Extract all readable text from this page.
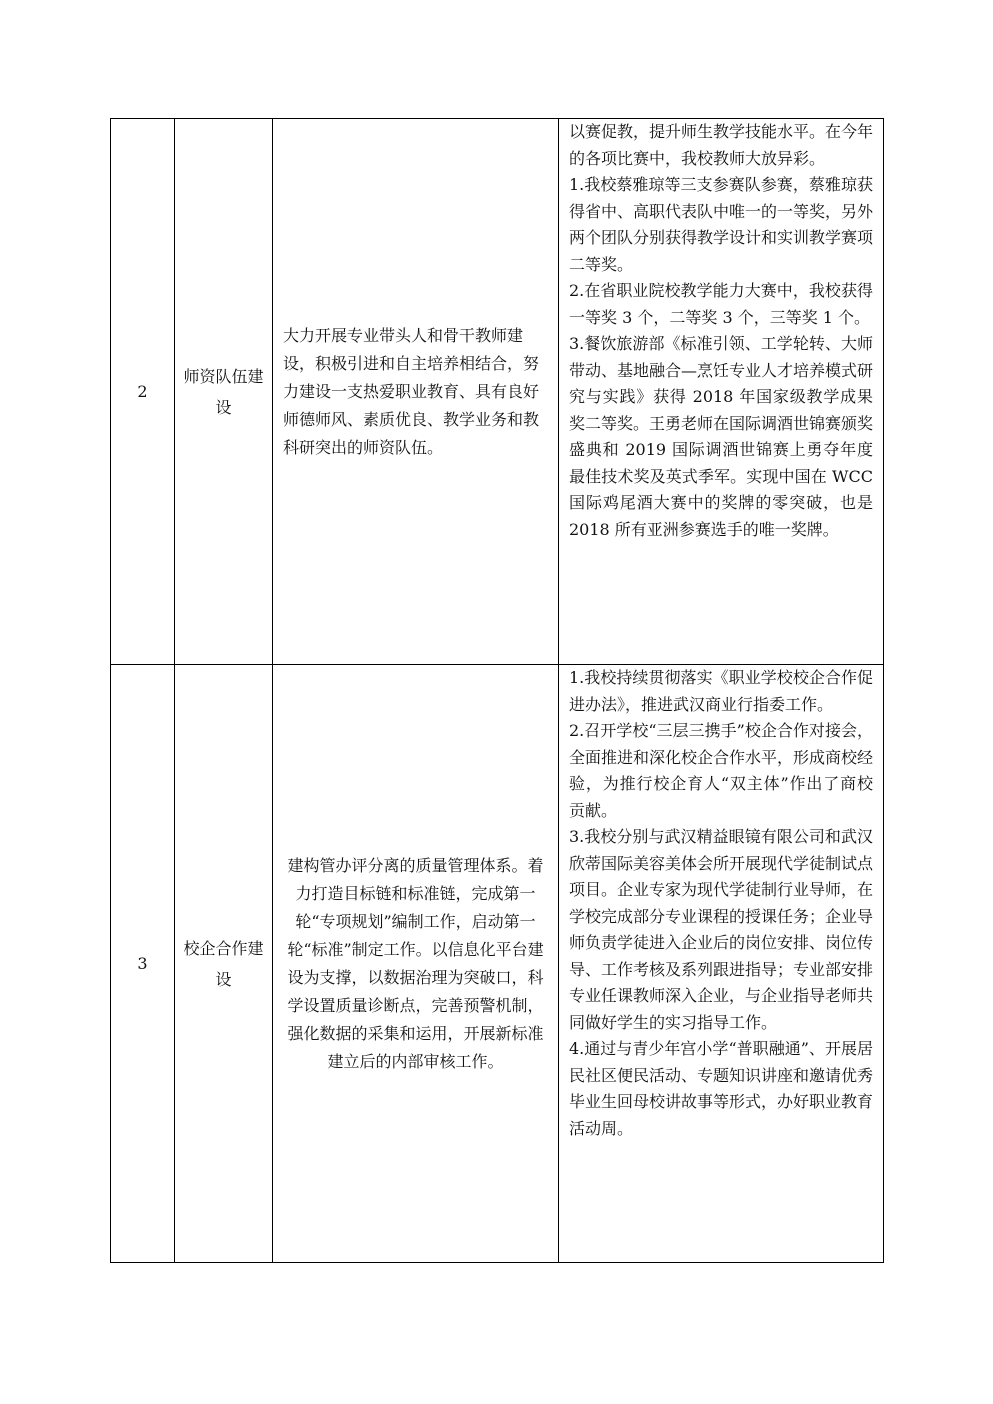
2	师资队伍建设	大力开展专业带头人和骨干教师建设，积极引进和自主培养相结合，努力建设一支热爱职业教育、具有良好师德师风、素质优良、教学业务和教科研突出的师资队伍。	以赛促教，提升师生教学技能水平。在今年的各项比赛中，我校教师大放异彩。

1.我校蔡雅琼等三支参赛队参赛，蔡雅琼获得省中、高职代表队中唯一的一等奖，另外两个团队分别获得教学设计和实训教学赛项二等奖。

2.在省职业院校教学能力大赛中，我校获得一等奖 3 个，二等奖 3 个，三等奖 1 个。

3.餐饮旅游部《标准引领、工学轮转、大师带动、基地融合—烹饪专业人才培养模式研究与实践》获得 2018 年国家级教学成果奖二等奖。王勇老师在国际调酒世锦赛颁奖盛典和 2019 国际调酒世锦赛上勇夺年度最佳技术奖及英式季军。实现中国在 WCC 国际鸡尾酒大赛中的奖牌的零突破，也是 2018 所有亚洲参赛选手的唯一奖牌。

3	校企合作建设	建构管办评分离的质量管理体系。着力打造目标链和标准链，完成第一轮“专项规划”编制工作，启动第一轮“标准”制定工作。以信息化平台建设为支撑，以数据治理为突破口，科学设置质量诊断点，完善预警机制，强化数据的采集和运用，开展新标准建立后的内部审核工作。	1.我校持续贯彻落实《职业学校校企合作促进办法》，推进武汉商业行指委工作。

2.召开学校“三层三携手”校企合作对接会，全面推进和深化校企合作水平，形成商校经验，为推行校企育人“双主体”作出了商校贡献。

3.我校分别与武汉精益眼镜有限公司和武汉欣蒂国际美容美体会所开展现代学徒制试点项目。企业专家为现代学徒制行业导师，在学校完成部分专业课程的授课任务；企业导师负责学徒进入企业后的岗位安排、岗位传导、工作考核及系列跟进指导；专业部安排专业任课教师深入企业，与企业指导老师共同做好学生的实习指导工作。

4.通过与青少年宫小学“普职融通”、开展居民社区便民活动、专题知识讲座和邀请优秀毕业生回母校讲故事等形式，办好职业教育活动周。
